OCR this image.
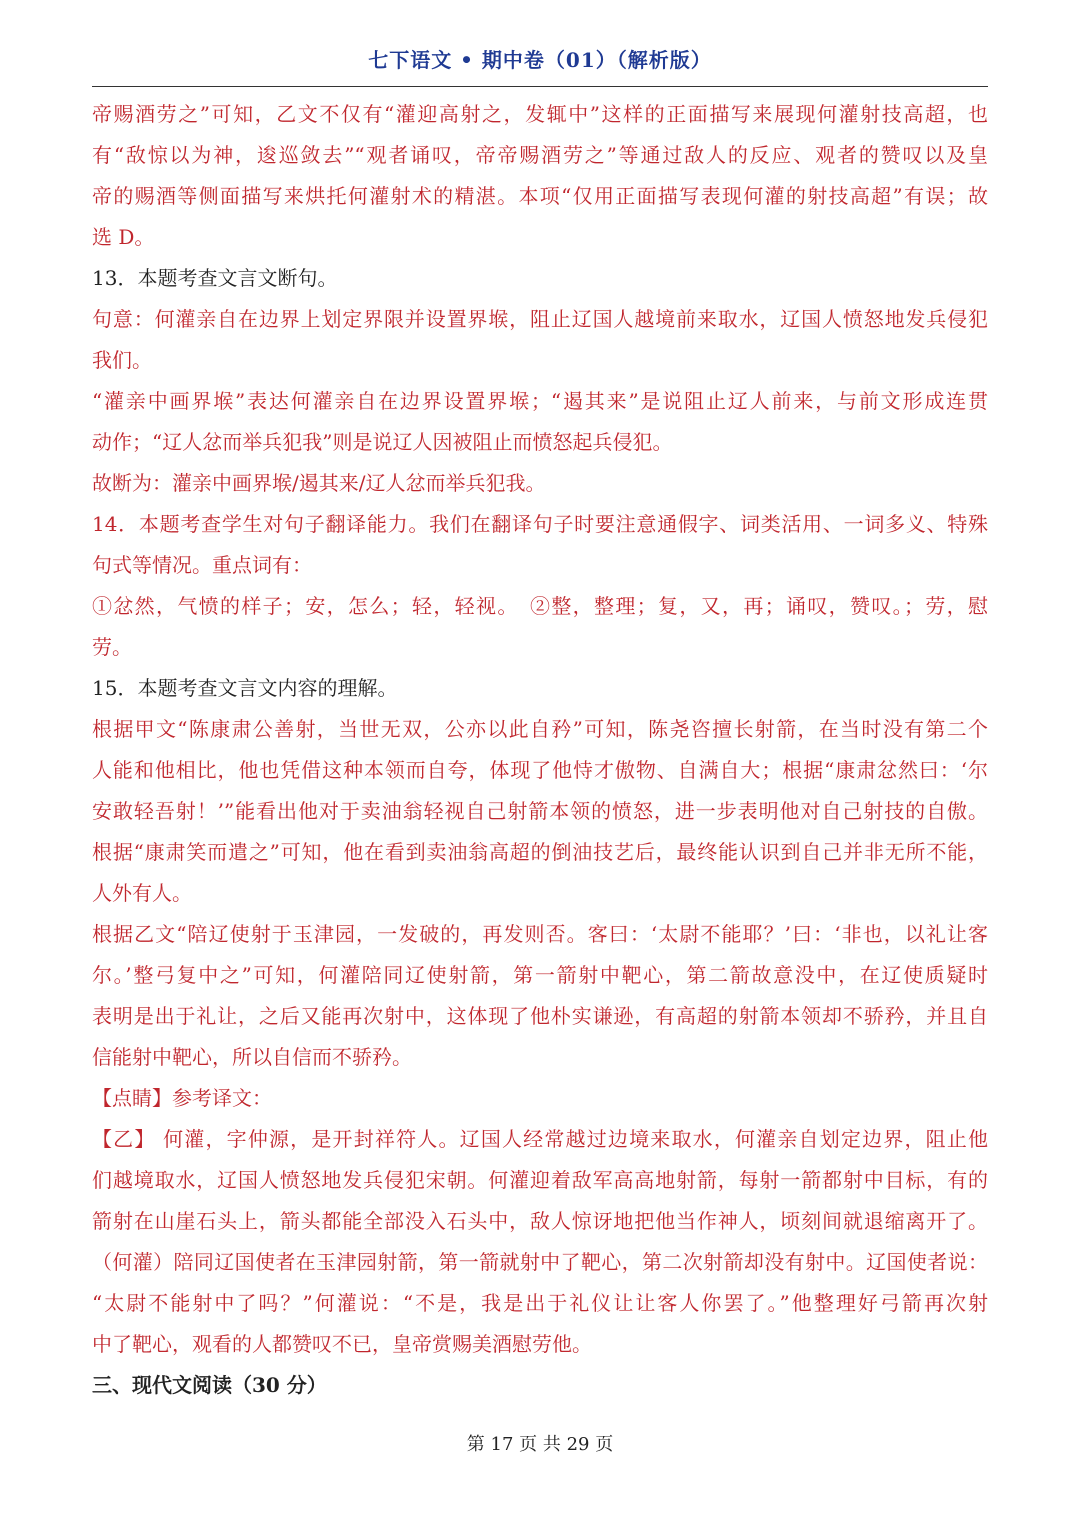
七下语文 • 期中卷（01）（解析版）
帝赐酒劳之”可知，乙文不仅有“灌迎高射之，发辄中”这样的正面描写来展现何灌射技高超，也
有“敌惊以为神，逡巡敛去”“观者诵叹，帝帝赐酒劳之”等通过敌人的反应、观者的赞叹以及皇
帝的赐酒等侧面描写来烘托何灌射术的精湛。本项“仅用正面描写表现何灌的射技高超”有误；故
选 D。
13．本题考查文言文断句。
句意：何灌亲自在边界上划定界限并设置界堠，阻止辽国人越境前来取水，辽国人愤怒地发兵侵犯
我们。
“灌亲中画界堠”表达何灌亲自在边界设置界堠；“遏其来”是说阻止辽人前来，与前文形成连贯
动作；“辽人忿而举兵犯我”则是说辽人因被阻止而愤怒起兵侵犯。
故断为：灌亲中画界堠/遏其来/辽人忿而举兵犯我。
14．本题考查学生对句子翻译能力。我们在翻译句子时要注意通假字、词类活用、一词多义、特殊
句式等情况。重点词有：
①忿然，气愤的样子；安，怎么；轻，轻视。　②整，整理；复，又，再；诵叹，赞叹。；劳，慰
劳。
15．本题考查文言文内容的理解。
根据甲文“陈康肃公善射，当世无双，公亦以此自矜”可知，陈尧咨擅长射箭，在当时没有第二个
人能和他相比，他也凭借这种本领而自夸，体现了他恃才傲物、自满自大；根据“康肃忿然曰：‘尔
安敢轻吾射！’”能看出他对于卖油翁轻视自己射箭本领的愤怒，进一步表明他对自己射技的自傲。
根据“康肃笑而遣之”可知，他在看到卖油翁高超的倒油技艺后，最终能认识到自己并非无所不能，
人外有人。
根据乙文“陪辽使射于玉津园，一发破的，再发则否。客曰：‘太尉不能耶？’曰：‘非也，以礼让客
尔。’整弓复中之”可知，何灌陪同辽使射箭，第一箭射中靶心，第二箭故意没中，在辽使质疑时
表明是出于礼让，之后又能再次射中，这体现了他朴实谦逊，有高超的射箭本领却不骄矜，并且自
信能射中靶心，所以自信而不骄矜。
【点睛】参考译文：
【乙】 何灌，字仲源，是开封祥符人。辽国人经常越过边境来取水，何灌亲自划定边界，阻止他
们越境取水，辽国人愤怒地发兵侵犯宋朝。何灌迎着敌军高高地射箭，每射一箭都射中目标，有的
箭射在山崖石头上，箭头都能全部没入石头中，敌人惊讶地把他当作神人，顷刻间就退缩离开了。
（何灌）陪同辽国使者在玉津园射箭，第一箭就射中了靶心，第二次射箭却没有射中。辽国使者说：
“太尉不能射中了吗？”何灌说：“不是，我是出于礼仪让让客人你罢了。”他整理好弓箭再次射
中了靶心，观看的人都赞叹不已，皇帝赏赐美酒慰劳他。
三、现代文阅读（30 分）
第 17 页 共 29 页
